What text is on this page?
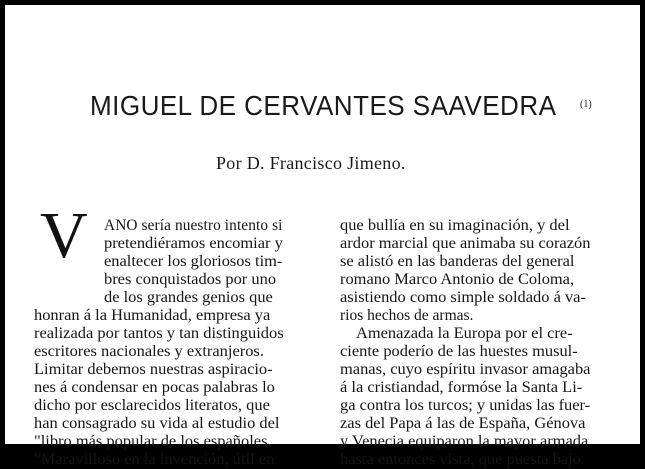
MIGUEL DE CERVANTES SAAVEDRA (1)
Por D. Francisco Jimeno.
V ANO sería nuestro intento si
pretendiéramos encomiar y
enaltecer los gloriosos tim-
bres conquistados por uno
de los grandes genios que
honran á la Humanidad, empresa ya
realizada por tantos y tan distinguidos
escritores nacionales y extranjeros.
Limitar debemos nuestras aspiracio-
nes á condensar en pocas palabras lo
dicho por esclarecidos literatos, que
han consagrado su vida al estudio del
"libro más popular de los españoles.
"Maravilloso en la invención, útil en
que bullía en su imaginación, y del
ardor marcial que animaba su corazón
se alistó en las banderas del general
romano Marco Antonio de Coloma,
asistiendo como simple soldado á va-
rios hechos de armas.
Amenazada la Europa por el cre-
ciente poderío de las huestes musul-
manas, cuyo espíritu invasor amagaba
á la cristiandad, formóse la Santa Li-
ga contra los turcos; y unidas las fuer-
zas del Papa á las de España, Génova
y Venecia equiparon la mayor armada
hasta entonces vista, que puesta bajo
